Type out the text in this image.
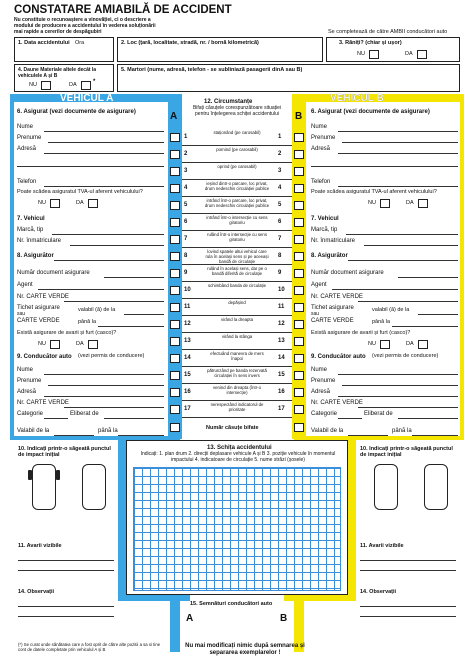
CONSTATARE AMIABILĂ DE ACCIDENT
Nu constituie o recunoaștere a vinovăției, ci o descriere a
modului de producere a accidentului în vederea soluționării
mai rapide a cererilor de despăgubiri	Se completează de către AMBII conducători auto
1. Data accidentului Ora	2. Loc (țară, localitate, stradă, nr. / bornă kilometrică)	3. Răniți? (chiar și ușor)
NU	DA
4. Daune Materiale altele decât la vehiculele A și B
NU	DA	*
5. Martori (nume, adresă, telefon - se subliniază pasagerii dinA sau B)
VEHICUL A	VEHICUL B
A	B
6. Asigurat (vezi documente de asigurare)
Nume
Prenume
Adresă
Telefon
Poate scădea asiguratul TVA-ul aferent vehiculului?
NU	DA
7. Vehicul
Marcă, tip
Nr. înmatriculare
8. Asigurător
Număr document asigurare
Agent
Nr. CARTE VERDE
Tichet asigurare
sau
CARTE VERDE
valabil (ă) de la
până la
Există asigurare de avarii și furt (casco)?
NU	DA
9. Conducător auto (vezi permis de conducere)
Nume
Prenume
Adresă
Nr. CARTE VERDE
Categorie	Eliberat de
Valabil de la	până la
6. Asigurat (vezi documente de asigurare)
Nume
Prenume
Adresă
Telefon
Poate scădea asiguratul TVA-ul aferent vehiculului?
NU	DA
7. Vehicul
Marcă, tip
Nr. înmatriculare
8. Asigurător
Număr document asigurare
Agent
Nr. CARTE VERDE
Tichet asigurare
sau
CARTE VERDE
valabil (ă) de la
până la
Există asigurare de avarii și furt (casco)?
NU	DA
9. Conducător auto (vezi permis de conducere)
Nume
Prenume
Adresă
Nr. CARTE VERDE
Categorie	Eliberat de
Valabil de la	până la
12. Circumstanțe
Bifați căsuțele corespunzătoare situației pentru înțelegerea schiței accidentului
1
staționând (pe carosabil)
1
2
pornind (pe carosabil)
2
3
oprind (pe carosabil)
3
4
ieșind dintr-o parcare, loc privat, drum nedeschis circulației publice 4
5
intrând într-o parcare, loc privat, drum nedeschis circulației publice 5
6
intrând într-o intersecție cu sens giratoriu	6
7
rulând într-o intersecție cu sens giratoriu	7
8
lovind spatele altui vehicul care rula în același sens și pe aceeași bandă de circulație
8
9
rulând în același sens, dar pe o bandă diferită de circulație	9
10
schimbând banda de circulație
10
11
depășind
11
12
virând la dreapta
12
13
virând la stânga
13
14
efectuând manevra de mers înapoi	14
15
pătrunzând pe banda rezervată circulației în sens invers	15
16
venind din dreapta (într-o intersecție)	16
17
nerespectând indicatorul de prioritate	17
Număr căsuțe bifate
10. Indicați printr-o săgeată punctul de impact inițial
11. Avarii vizibile
14. Observații
10. Indicați printr-o săgeată punctul de impact inițial
11. Avarii vizibile
14. Observații
13. Schița accidentului
Indicați: 1. plan drum 2. direcții deplasare vehicule A și B 3. poziție vehicule în momentul impactului 4. indicatoare de circulație 5. nume străzi (șosele)
15. Semnături conducători auto
A	B
(*) Se curat unde sănătatea care a fost oprit de către alte pozitii a sa si tine cont de datele completate prin vehiculul A și B
Nu mai modificați nimic după semnarea și separarea exemplarelor !
